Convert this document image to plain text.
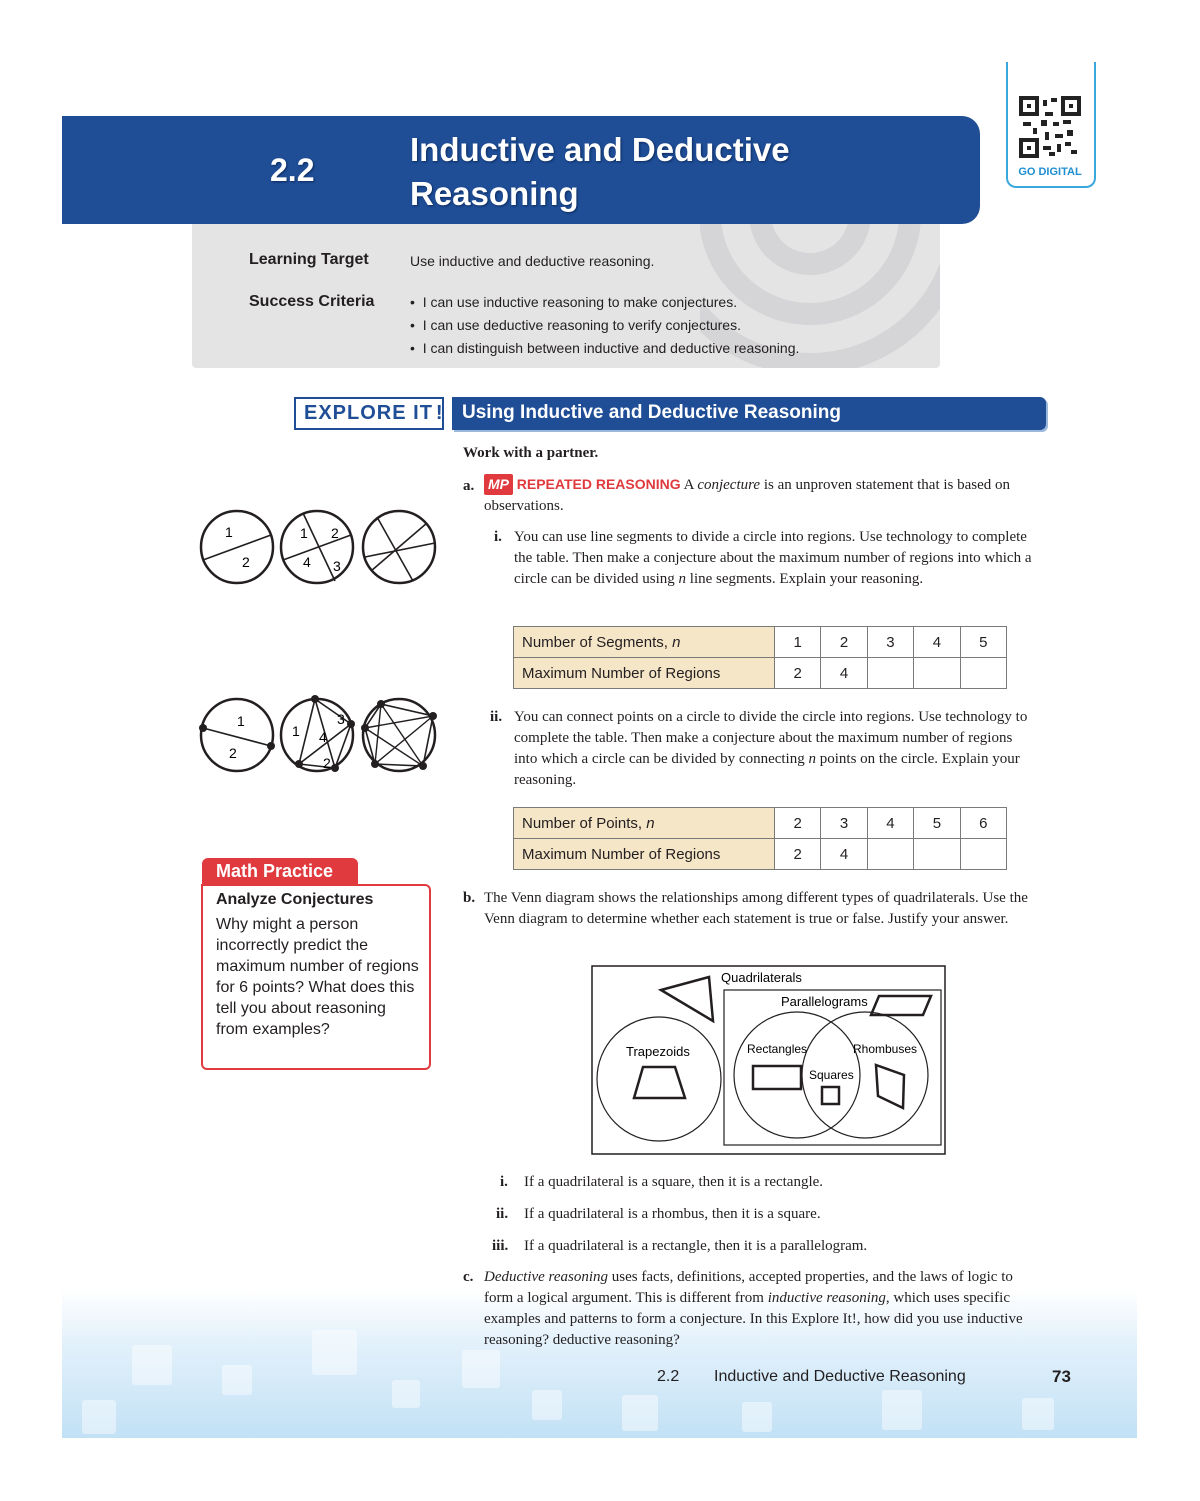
2.2
Inductive and Deductive Reasoning
GO DIGITAL
Learning Target	Use inductive and deductive reasoning.
Success Criteria	•  I can use inductive reasoning to make conjectures.
•  I can use deductive reasoning to verify conjectures.
•  I can distinguish between inductive and deductive reasoning.
EXPLORE IT ! Using Inductive and Deductive Reasoning
Work with a partner.
a. MP REPEATED REASONING A conjecture is an unproven statement that is based on observations.
i. You can use line segments to divide a circle into regions. Use technology to complete the table. Then make a conjecture about the maximum number of regions into which a circle can be divided using n line segments. Explain your reasoning.
Number of Segments, n	1	2	3	4	5
Maximum Number of Regions	2	4			
ii. You can connect points on a circle to divide the circle into regions. Use technology to complete the table. Then make a conjecture about the maximum number of regions into which a circle can be divided by connecting n points on the circle. Explain your reasoning.
Number of Points, n	2	3	4	5	6
Maximum Number of Regions	2	4			
1
2
1 2
4 3
1
2
1
3
4
2
Math Practice
Analyze Conjectures
Why might a person incorrectly predict the maximum number of regions for 6 points? What does this tell you about reasoning from examples?
b. The Venn diagram shows the relationships among different types of quadrilaterals. Use the Venn diagram to determine whether each statement is true or false. Justify your answer.
Quadrilaterals
Trapezoids
Parallelograms
Rectangles	Rhombuses
Squares
i. If a quadrilateral is a square, then it is a rectangle.
ii. If a quadrilateral is a rhombus, then it is a square.
iii. If a quadrilateral is a rectangle, then it is a parallelogram.
c. Deductive reasoning uses facts, definitions, accepted properties, and the laws of logic to form a logical argument. This is different from inductive reasoning, which uses specific examples and patterns to form a conjecture. In this Explore It!, how did you use inductive reasoning? deductive reasoning?
2.2 Inductive and Deductive Reasoning	73
